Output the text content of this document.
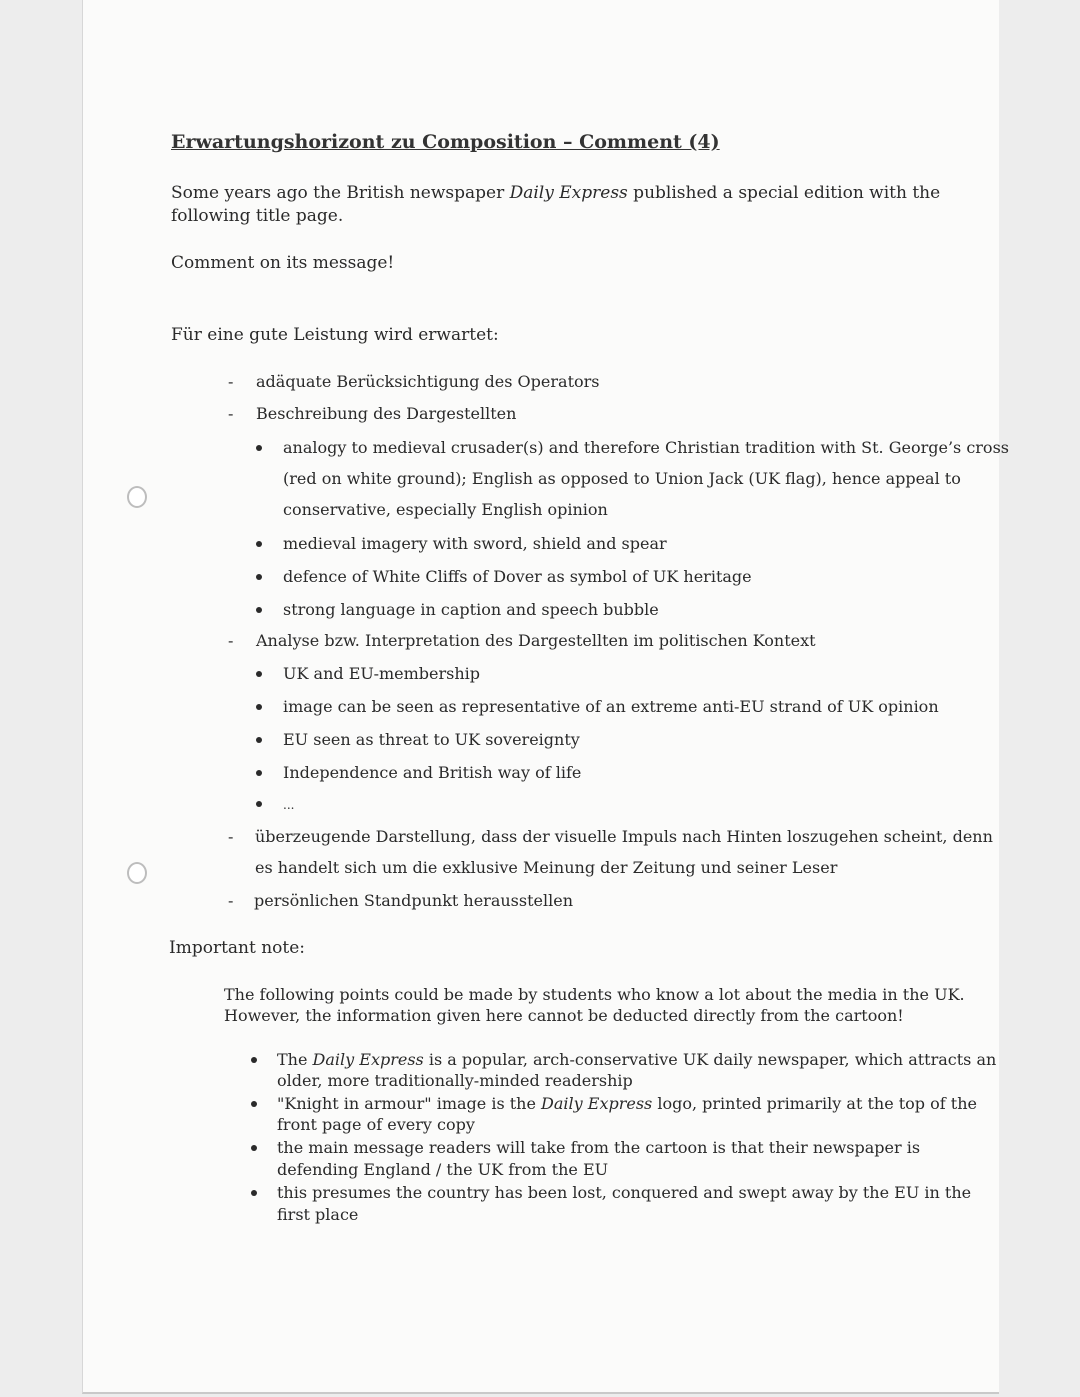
Erwartungshorizont zu Composition – Comment (4)
Some years ago the British newspaper Daily Express published a special edition with the
following title page.
Comment on its message!
Für eine gute Leistung wird erwartet:
- adäquate Berücksichtigung des Operators
- Beschreibung des Dargestellten
analogy to medieval crusader(s) and therefore Christian tradition with St. George’s cross
(red on white ground); English as opposed to Union Jack (UK flag), hence appeal to
conservative, especially English opinion
medieval imagery with sword, shield and spear
defence of White Cliffs of Dover as symbol of UK heritage
strong language in caption and speech bubble
- Analyse bzw. Interpretation des Dargestellten im politischen Kontext
UK and EU-membership
image can be seen as representative of an extreme anti-EU strand of UK opinion
EU seen as threat to UK sovereignty
Independence and British way of life
...
- überzeugende Darstellung, dass der visuelle Impuls nach Hinten loszugehen scheint, denn
es handelt sich um die exklusive Meinung der Zeitung und seiner Leser
- persönlichen Standpunkt herausstellen
Important note:
The following points could be made by students who know a lot about the media in the UK.
However, the information given here cannot be deducted directly from the cartoon!
The Daily Express is a popular, arch-conservative UK daily newspaper, which attracts an
older, more traditionally-minded readership
"Knight in armour" image is the Daily Express logo, printed primarily at the top of the
front page of every copy
the main message readers will take from the cartoon is that their newspaper is
defending England / the UK from the EU
this presumes the country has been lost, conquered and swept away by the EU in the
first place
